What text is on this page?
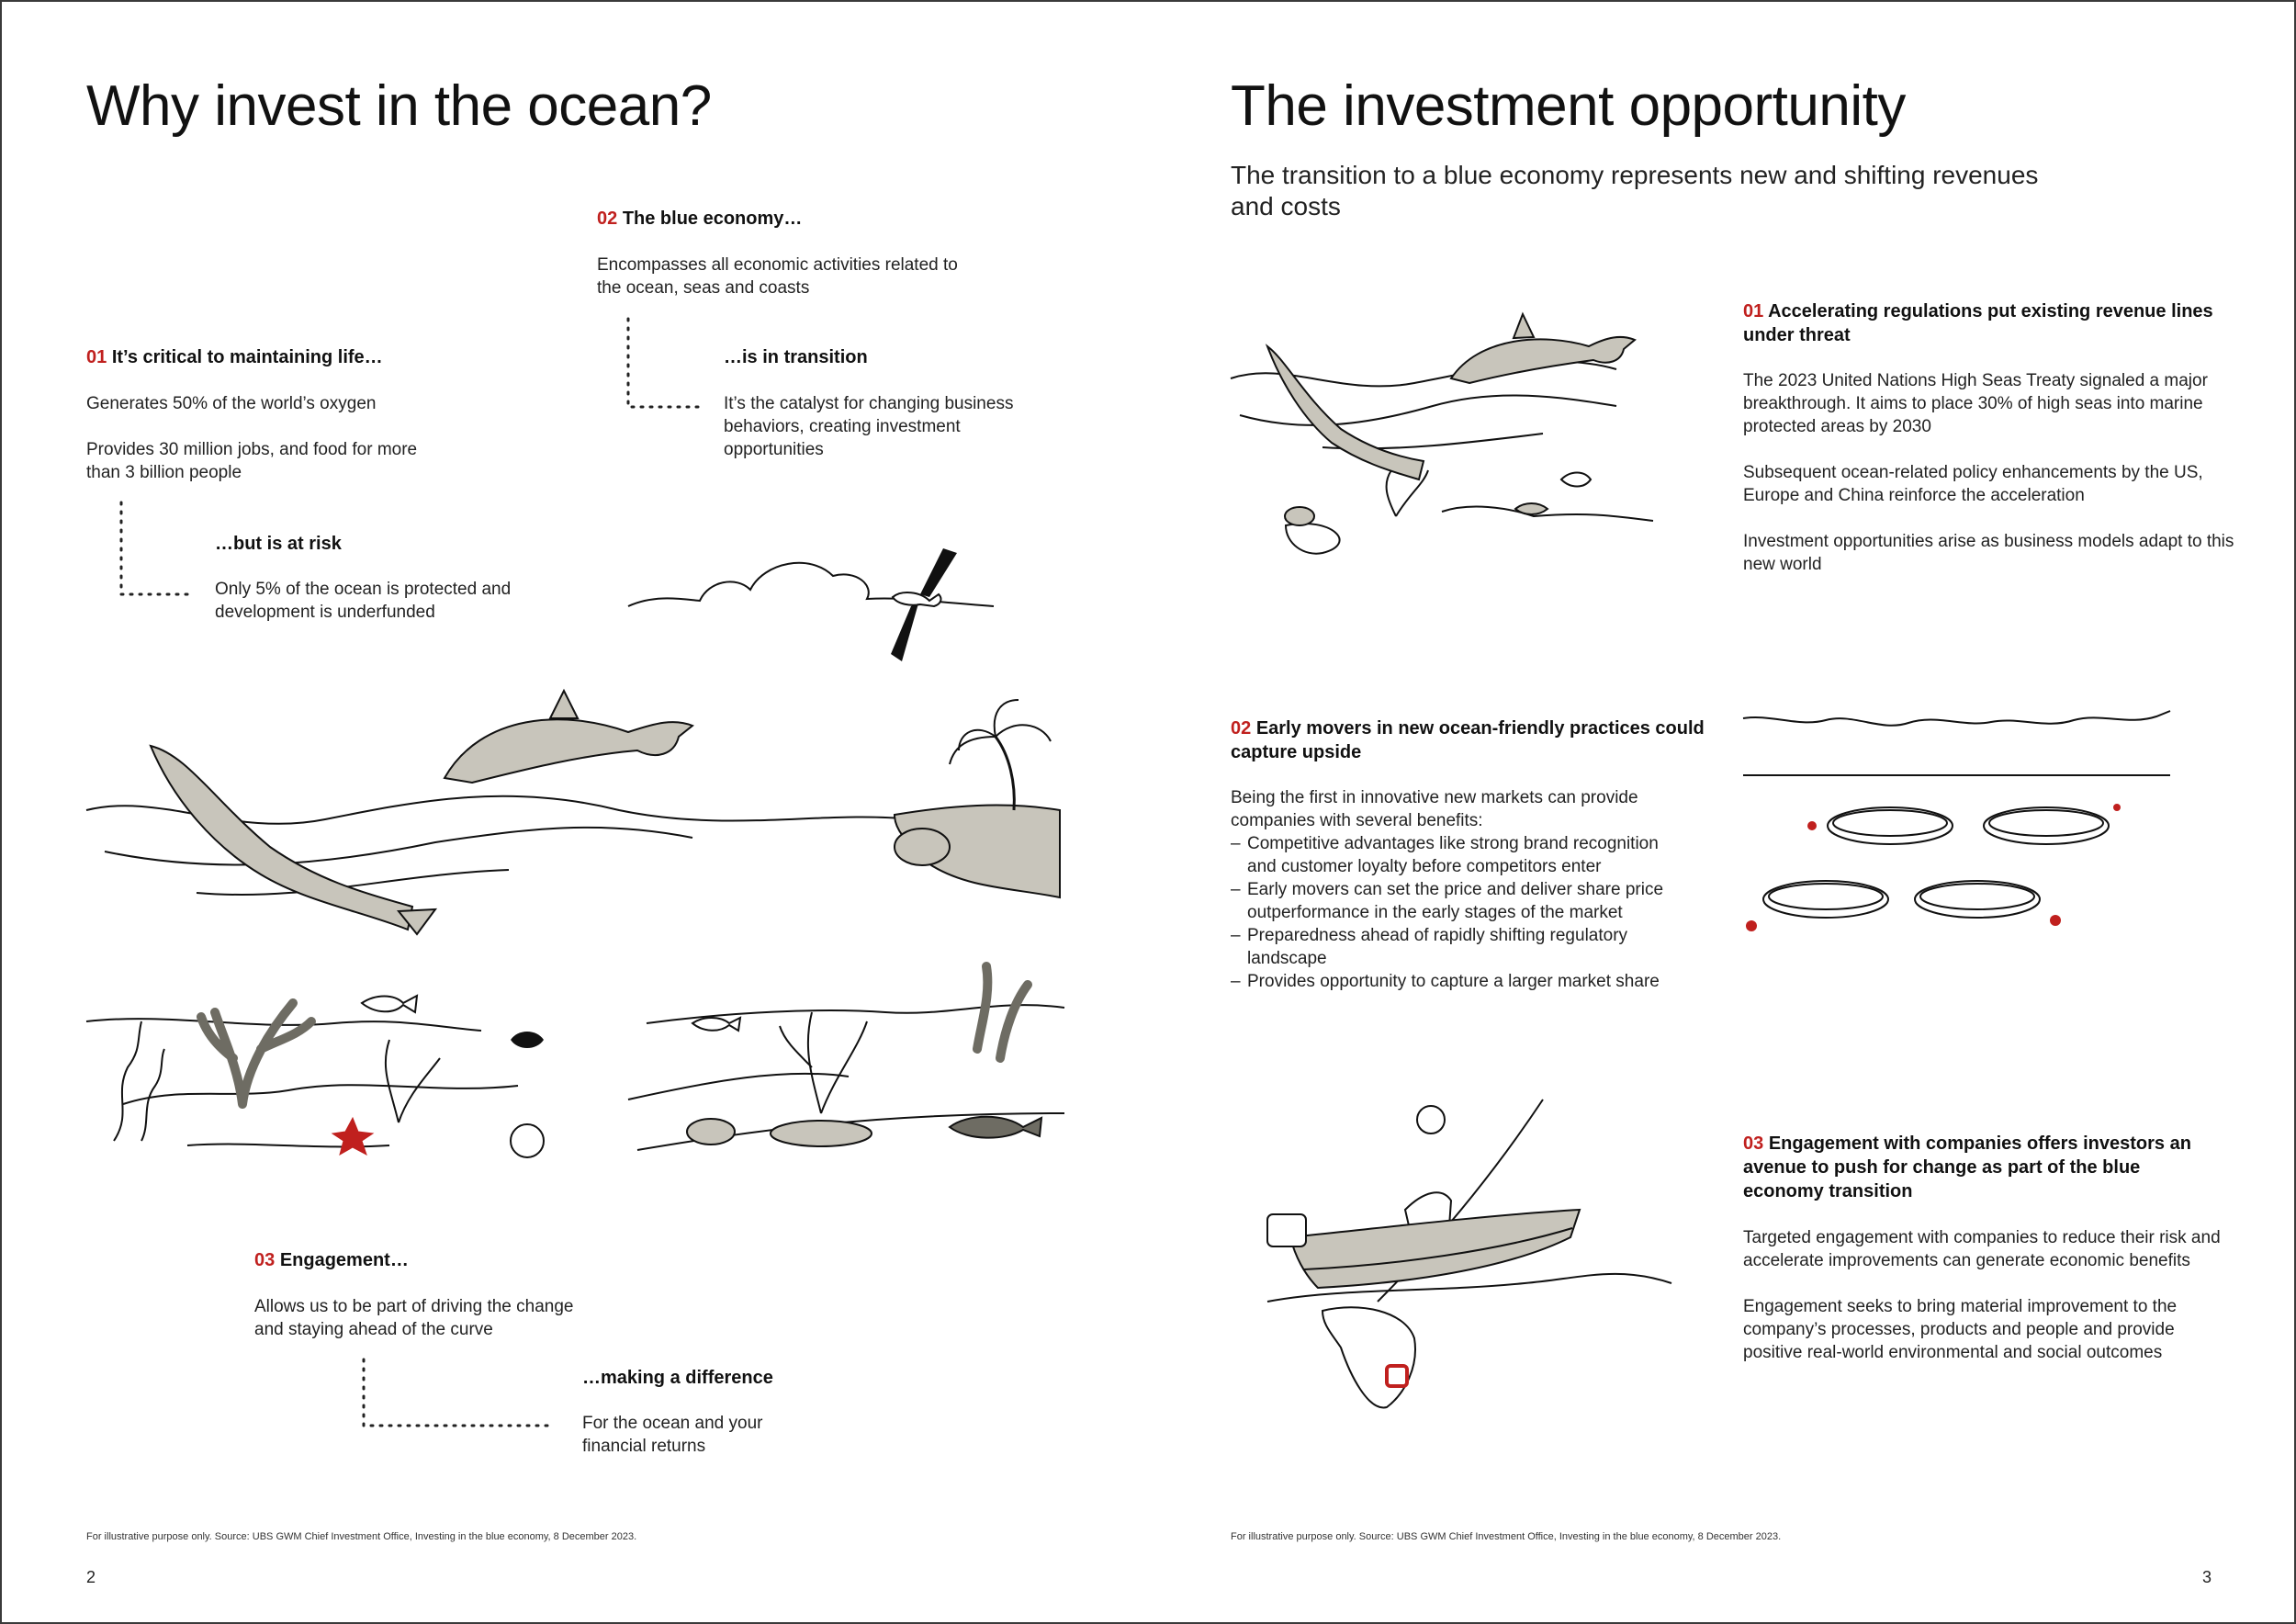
Why invest in the ocean?
01 It’s critical to maintaining life…

Generates 50% of the world’s oxygen

Provides 30 million jobs, and food for more than 3 billion people

…but is at risk
Only 5% of the ocean is protected and development is underfunded
02 The blue economy…
Encompasses all economic activities related to the ocean, seas and coasts
…is in transition
It’s the catalyst for changing business behaviors, creating investment opportunities
03 Engagement…
Allows us to be part of driving the change and staying ahead of the curve
…making a difference
For the ocean and your financial returns
For illustrative purpose only. Source: UBS GWM Chief Investment Office, Investing in the blue economy, 8 December 2023.
2
The investment opportunity
The transition to a blue economy represents new and shifting revenues and costs
01 Accelerating regulations put existing revenue lines under threat

The 2023 United Nations High Seas Treaty signaled a major breakthrough. It aims to place 30% of high seas into marine protected areas by 2030

Subsequent ocean-related policy enhancements by the US, Europe and China reinforce the acceleration

Investment opportunities arise as business models adapt to this new world

02 Early movers in new ocean-friendly practices could capture upside
Being the first in innovative new markets can provide companies with several benefits:
– Competitive advantages like strong brand recognition and customer loyalty before competitors enter
– Early movers can set the price and deliver share price outperformance in the early stages of the market
– Preparedness ahead of rapidly shifting regulatory landscape
– Provides opportunity to capture a larger market share
03 Engagement with companies offers investors an avenue to push for change as part of the blue economy transition

Targeted engagement with companies to reduce their risk and accelerate improvements can generate economic benefits

Engagement seeks to bring material improvement to the company’s processes, products and people and provide positive real-world environmental and social outcomes

For illustrative purpose only. Source: UBS GWM Chief Investment Office, Investing in the blue economy, 8 December 2023.
3
